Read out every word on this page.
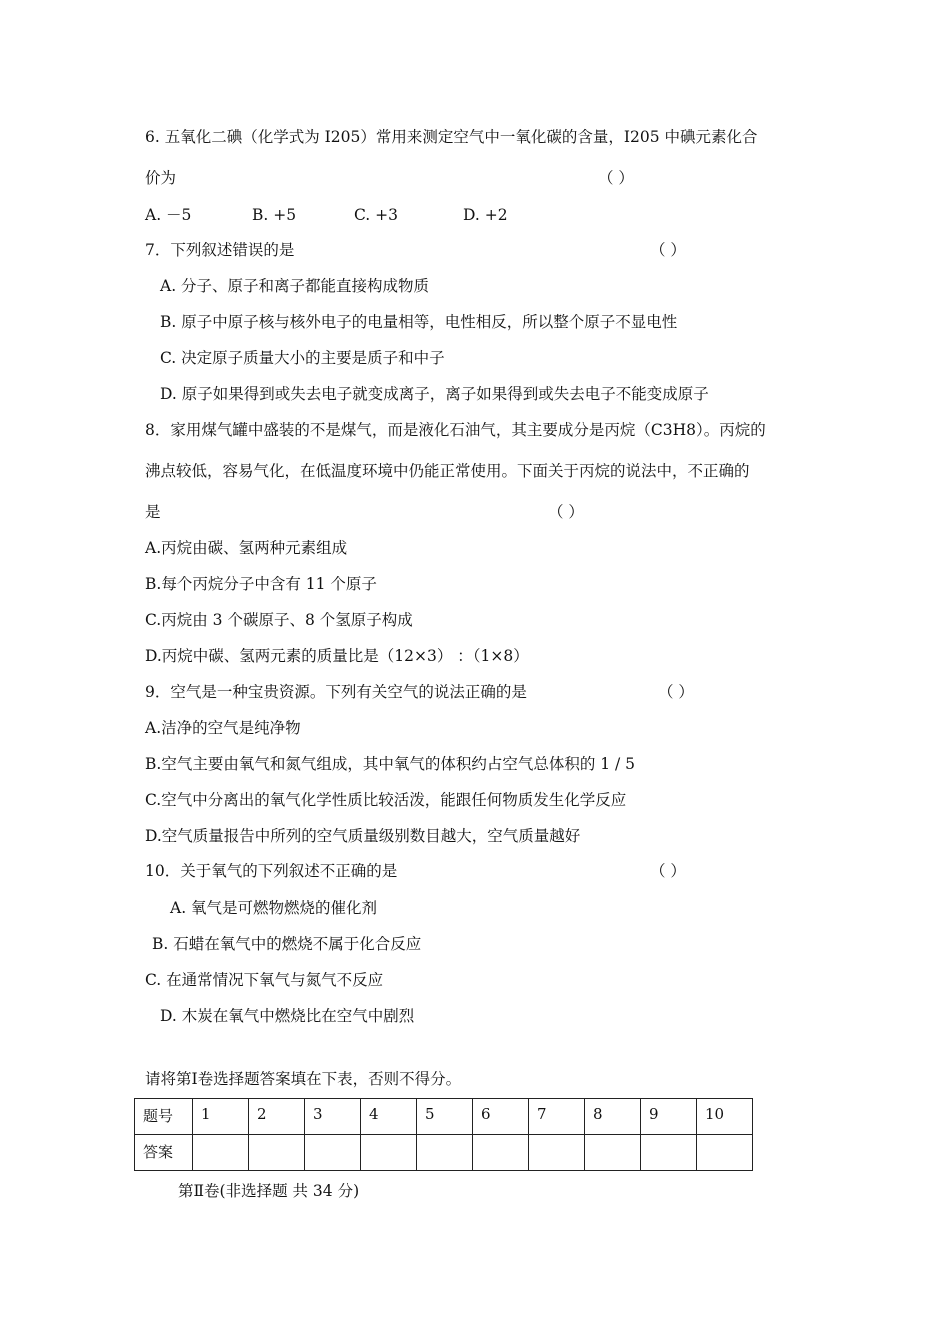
6. 五氧化二碘（化学式为 I205）常用来测定空气中一氧化碳的含量，I205 中碘元素化合
价为	（ ）
A. －5	B. +5	C. +3	D. +2
7．下列叙述错误的是	（ ）
A. 分子、原子和离子都能直接构成物质
B. 原子中原子核与核外电子的电量相等，电性相反，所以整个原子不显电性
C. 决定原子质量大小的主要是质子和中子
D. 原子如果得到或失去电子就变成离子，离子如果得到或失去电子不能变成原子
8．家用煤气罐中盛装的不是煤气，而是液化石油气，其主要成分是丙烷（C3H8）。丙烷的
沸点较低，容易气化，在低温度环境中仍能正常使用。下面关于丙烷的说法中，不正确的
是	（ ）
A.丙烷由碳、氢两种元素组成
B.每个丙烷分子中含有 11 个原子
C.丙烷由 3 个碳原子、8 个氢原子构成
D.丙烷中碳、氢两元素的质量比是（12×3） ：（1×8）
9．空气是一种宝贵资源。下列有关空气的说法正确的是	（ ）
A.洁净的空气是纯净物
B.空气主要由氧气和氮气组成，其中氧气的体积约占空气总体积的 1 / 5
C.空气中分离出的氧气化学性质比较活泼，能跟任何物质发生化学反应
D.空气质量报告中所列的空气质量级别数目越大，空气质量越好
10．关于氧气的下列叙述不正确的是	（ ）
A. 氧气是可燃物燃烧的催化剂
B. 石蜡在氧气中的燃烧不属于化合反应
C. 在通常情况下氧气与氮气不反应
D. 木炭在氧气中燃烧比在空气中剧烈
请将第Ⅰ卷选择题答案填在下表，否则不得分。
题号	1	2	3	4	5	6	7	8	9	10
答案										
第Ⅱ卷(非选择题 共 34 分)
